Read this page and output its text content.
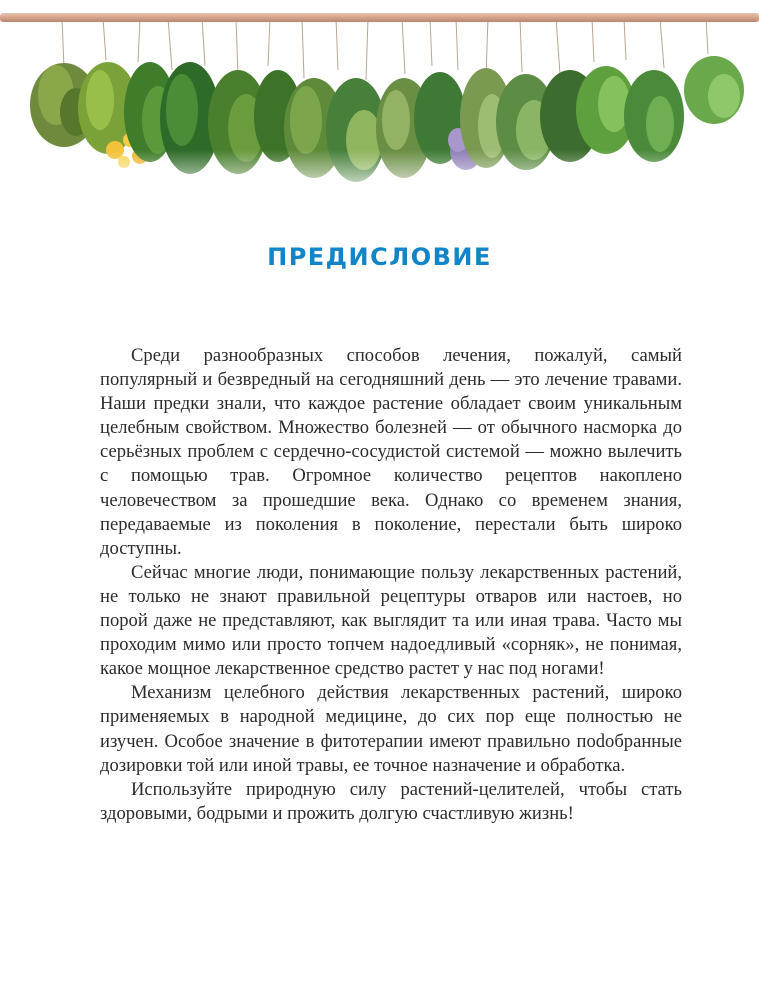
ПРЕДИСЛОВИЕ

Среди разнообразных способов лечения, пожалуй, самый популярный и безвредный на сегодняшний день — это лечение травами. Наши предки знали, что каждое растение обладает своим уникальным целебным свойством. Множество болезней — от обычного насморка до серьёзных проблем с сердечно-сосудистой системой — можно вылечить с помощью трав. Огромное количество рецептов накоплено человечеством за прошедшие века. Однако со временем знания, передаваемые из поколения в поколение, перестали быть широко доступны.

Сейчас многие люди, понимающие пользу лекарственных растений, не только не знают правильной рецептуры отваров или настоев, но порой даже не представляют, как выглядит та или иная трава. Часто мы проходим мимо или просто топчем надоедливый «сорняк», не понимая, какое мощное лекарственное средство растет у нас под ногами!

Механизм целебного действия лекарственных растений, широко применяемых в народной медицине, до сих пор еще полностью не изучен. Особое значение в фитотерапии имеют правильно поdобранные дозировки той или иной травы, ее точное назначение и обработка.

Используйте природную силу растений-целителей, чтобы стать здоровыми, бодрыми и прожить долгую счастливую жизнь!
